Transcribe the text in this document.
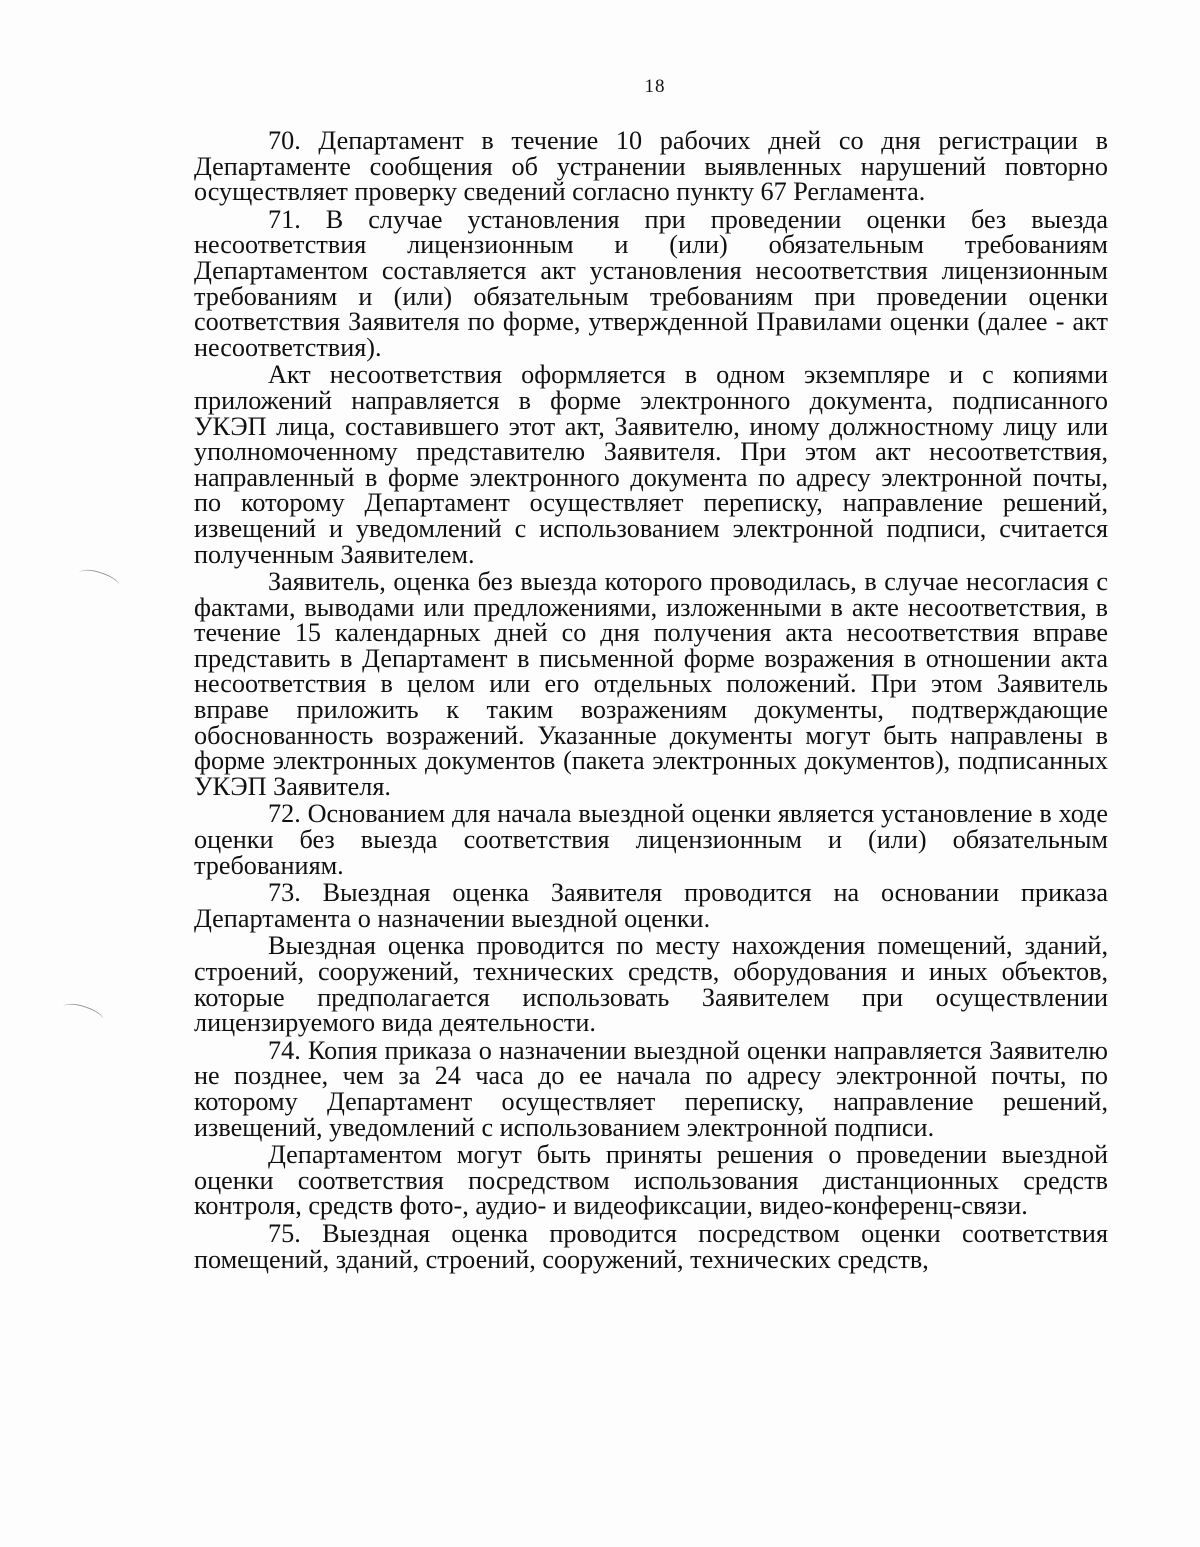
18

70. Департамент в течение 10 рабочих дней со дня регистрации в Департаменте сообщения об устранении выявленных нарушений повторно осуществляет проверку сведений согласно пункту 67 Регламента.

71. В случае установления при проведении оценки без выезда несоответствия лицензионным и (или) обязательным требованиям Департаментом составляется акт установления несоответствия лицензионным требованиям и (или) обязательным требованиям при проведении оценки соответствия Заявителя по форме, утвержденной Правилами оценки (далее - акт несоответствия).

Акт несоответствия оформляется в одном экземпляре и с копиями приложений направляется в форме электронного документа, подписанного УКЭП лица, составившего этот акт, Заявителю, иному должностному лицу или уполномоченному представителю Заявителя. При этом акт несоответствия, направленный в форме электронного документа по адресу электронной почты, по которому Департамент осуществляет переписку, направление решений, извещений и уведомлений с использованием электронной подписи, считается полученным Заявителем.

Заявитель, оценка без выезда которого проводилась, в случае несогласия с фактами, выводами или предложениями, изложенными в акте несоответствия, в течение 15 календарных дней со дня получения акта несоответствия вправе представить в Департамент в письменной форме возражения в отношении акта несоответствия в целом или его отдельных положений. При этом Заявитель вправе приложить к таким возражениям документы, подтверждающие обоснованность возражений. Указанные документы могут быть направлены в форме электронных документов (пакета электронных документов), подписанных УКЭП Заявителя.

72. Основанием для начала выездной оценки является установление в ходе оценки без выезда соответствия лицензионным и (или) обязательным требованиям.

73. Выездная оценка Заявителя проводится на основании приказа Департамента о назначении выездной оценки.

Выездная оценка проводится по месту нахождения помещений, зданий, строений, сооружений, технических средств, оборудования и иных объектов, которые предполагается использовать Заявителем при осуществлении лицензируемого вида деятельности.

74. Копия приказа о назначении выездной оценки направляется Заявителю не позднее, чем за 24 часа до ее начала по адресу электронной почты, по которому Департамент осуществляет переписку, направление решений, извещений, уведомлений с использованием электронной подписи.

Департаментом могут быть приняты решения о проведении выездной оценки соответствия посредством использования дистанционных средств контроля, средств фото-, аудио- и видеофиксации, видео-конференц-связи.

75. Выездная оценка проводится посредством оценки соответствия помещений, зданий, строений, сооружений, технических средств,
